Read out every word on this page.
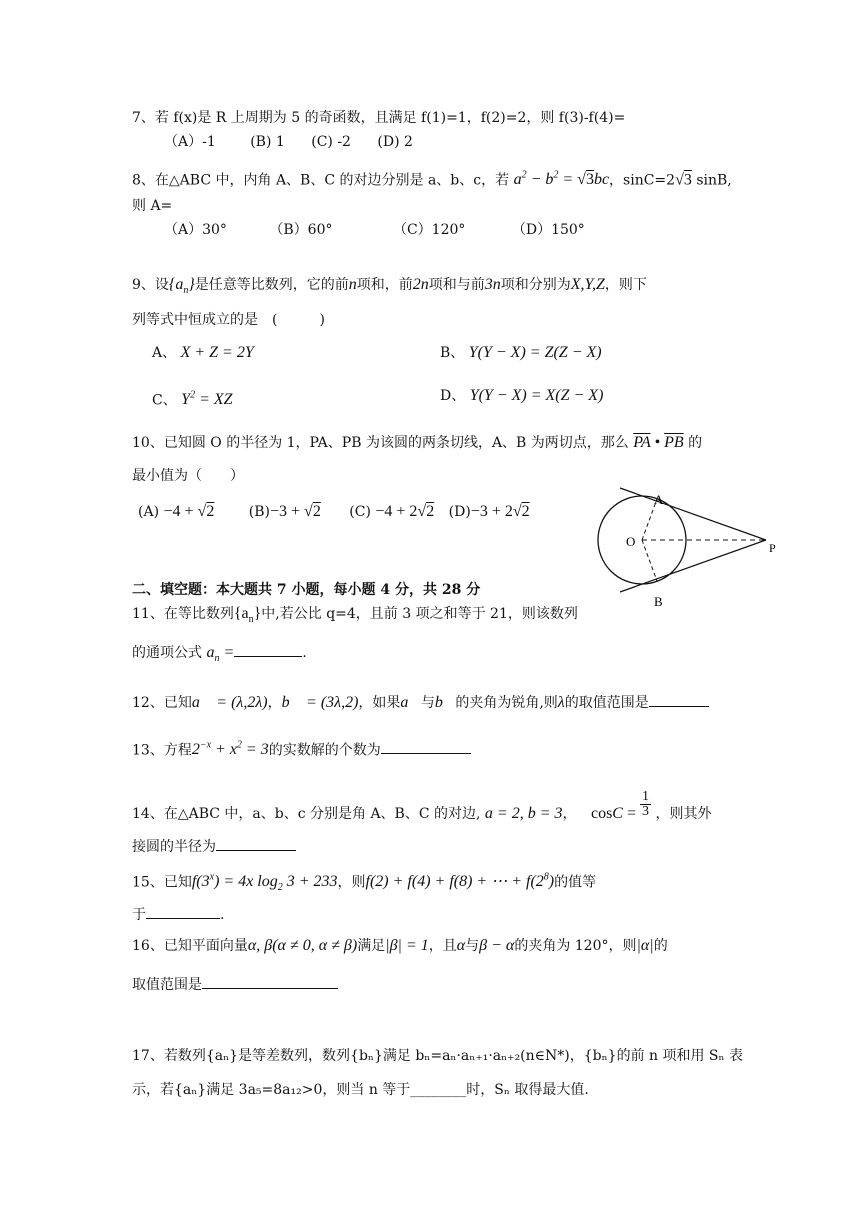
7、若 f(x)是 R 上周期为 5 的奇函数，且满足 f(1)=1，f(2)=2，则 f(3)-f(4)=
（A）-1 (B) 1 (C) -2 (D) 2
8、在△ABC 中，内角 A、B、C 的对边分别是 a、b、c，若 $a^2 - b^2 = √3bc$，sinC=2√3 sinB,
则 A=
（A）30°	（B）60°	（C）120°	（D）150°
9、设$\{a_n\}$是任意等比数列，它的前n项和，前2n项和与前3n项和分别为X,Y,Z，则下
列等式中恒成立的是　(　　　)
A、 X + Z = 2Y	B、 Y(Y − X) = Z(Z − X)
C、 $Y^2$ = XZ	D、 Y(Y − X) = X(Z − X)
10、已知圆 O 的半径为 1，PA、PB 为该圆的两条切线，A、B 为两切点，那么 $\overline{PA}$ • $\overline{PB}$ 的
最小值为（　　）
(A) −4 + √2 (B)−3 + √2 (C) −4 + 2√2 (D)−3 + 2√2
A
O	P
B
二、填空题：本大题共 7 小题，每小题 4 分，共 28 分
11、在等比数列$\{a_n\}$中,若公比 q=4，且前 3 项之和等于 21，则该数列
的通项公式 $a_n$ =	.
12、已知a⃗ = (λ,2λ)，b⃗ = (3λ,2)，如果a⃗与b⃗的夹角为锐角,则λ的取值范围是
13、方程$2^{-x} + x^2 = 3$的实数解的个数为
14、在△ABC 中，a、b、c 分别是角 A、B、C 的对边, a = 2, b = 3， $\cos C = \frac{1}{3}$ ，则其外
接圆的半径为
15、已知$f(3^x) = 4x$ $\log_2 3 + 233$，则f(2) + f(4) + f(8) + ⋯ + $f(2^8)$的值等
于	.
16、已知平面向量α, β(α ≠ 0, α ≠ β)满足|β| = 1，且α与β − α的夹角为 120°，则|α|的
取值范围是
17、若数列{aₙ}是等差数列，数列{bₙ}满足 bₙ=aₙ·aₙ₊₁·aₙ₊₂(n∈N*)，{bₙ}的前 n 项和用 Sₙ 表
示，若{aₙ}满足 3a₅=8a₁₂>0，则当 n 等于________时，Sₙ 取得最大值.
